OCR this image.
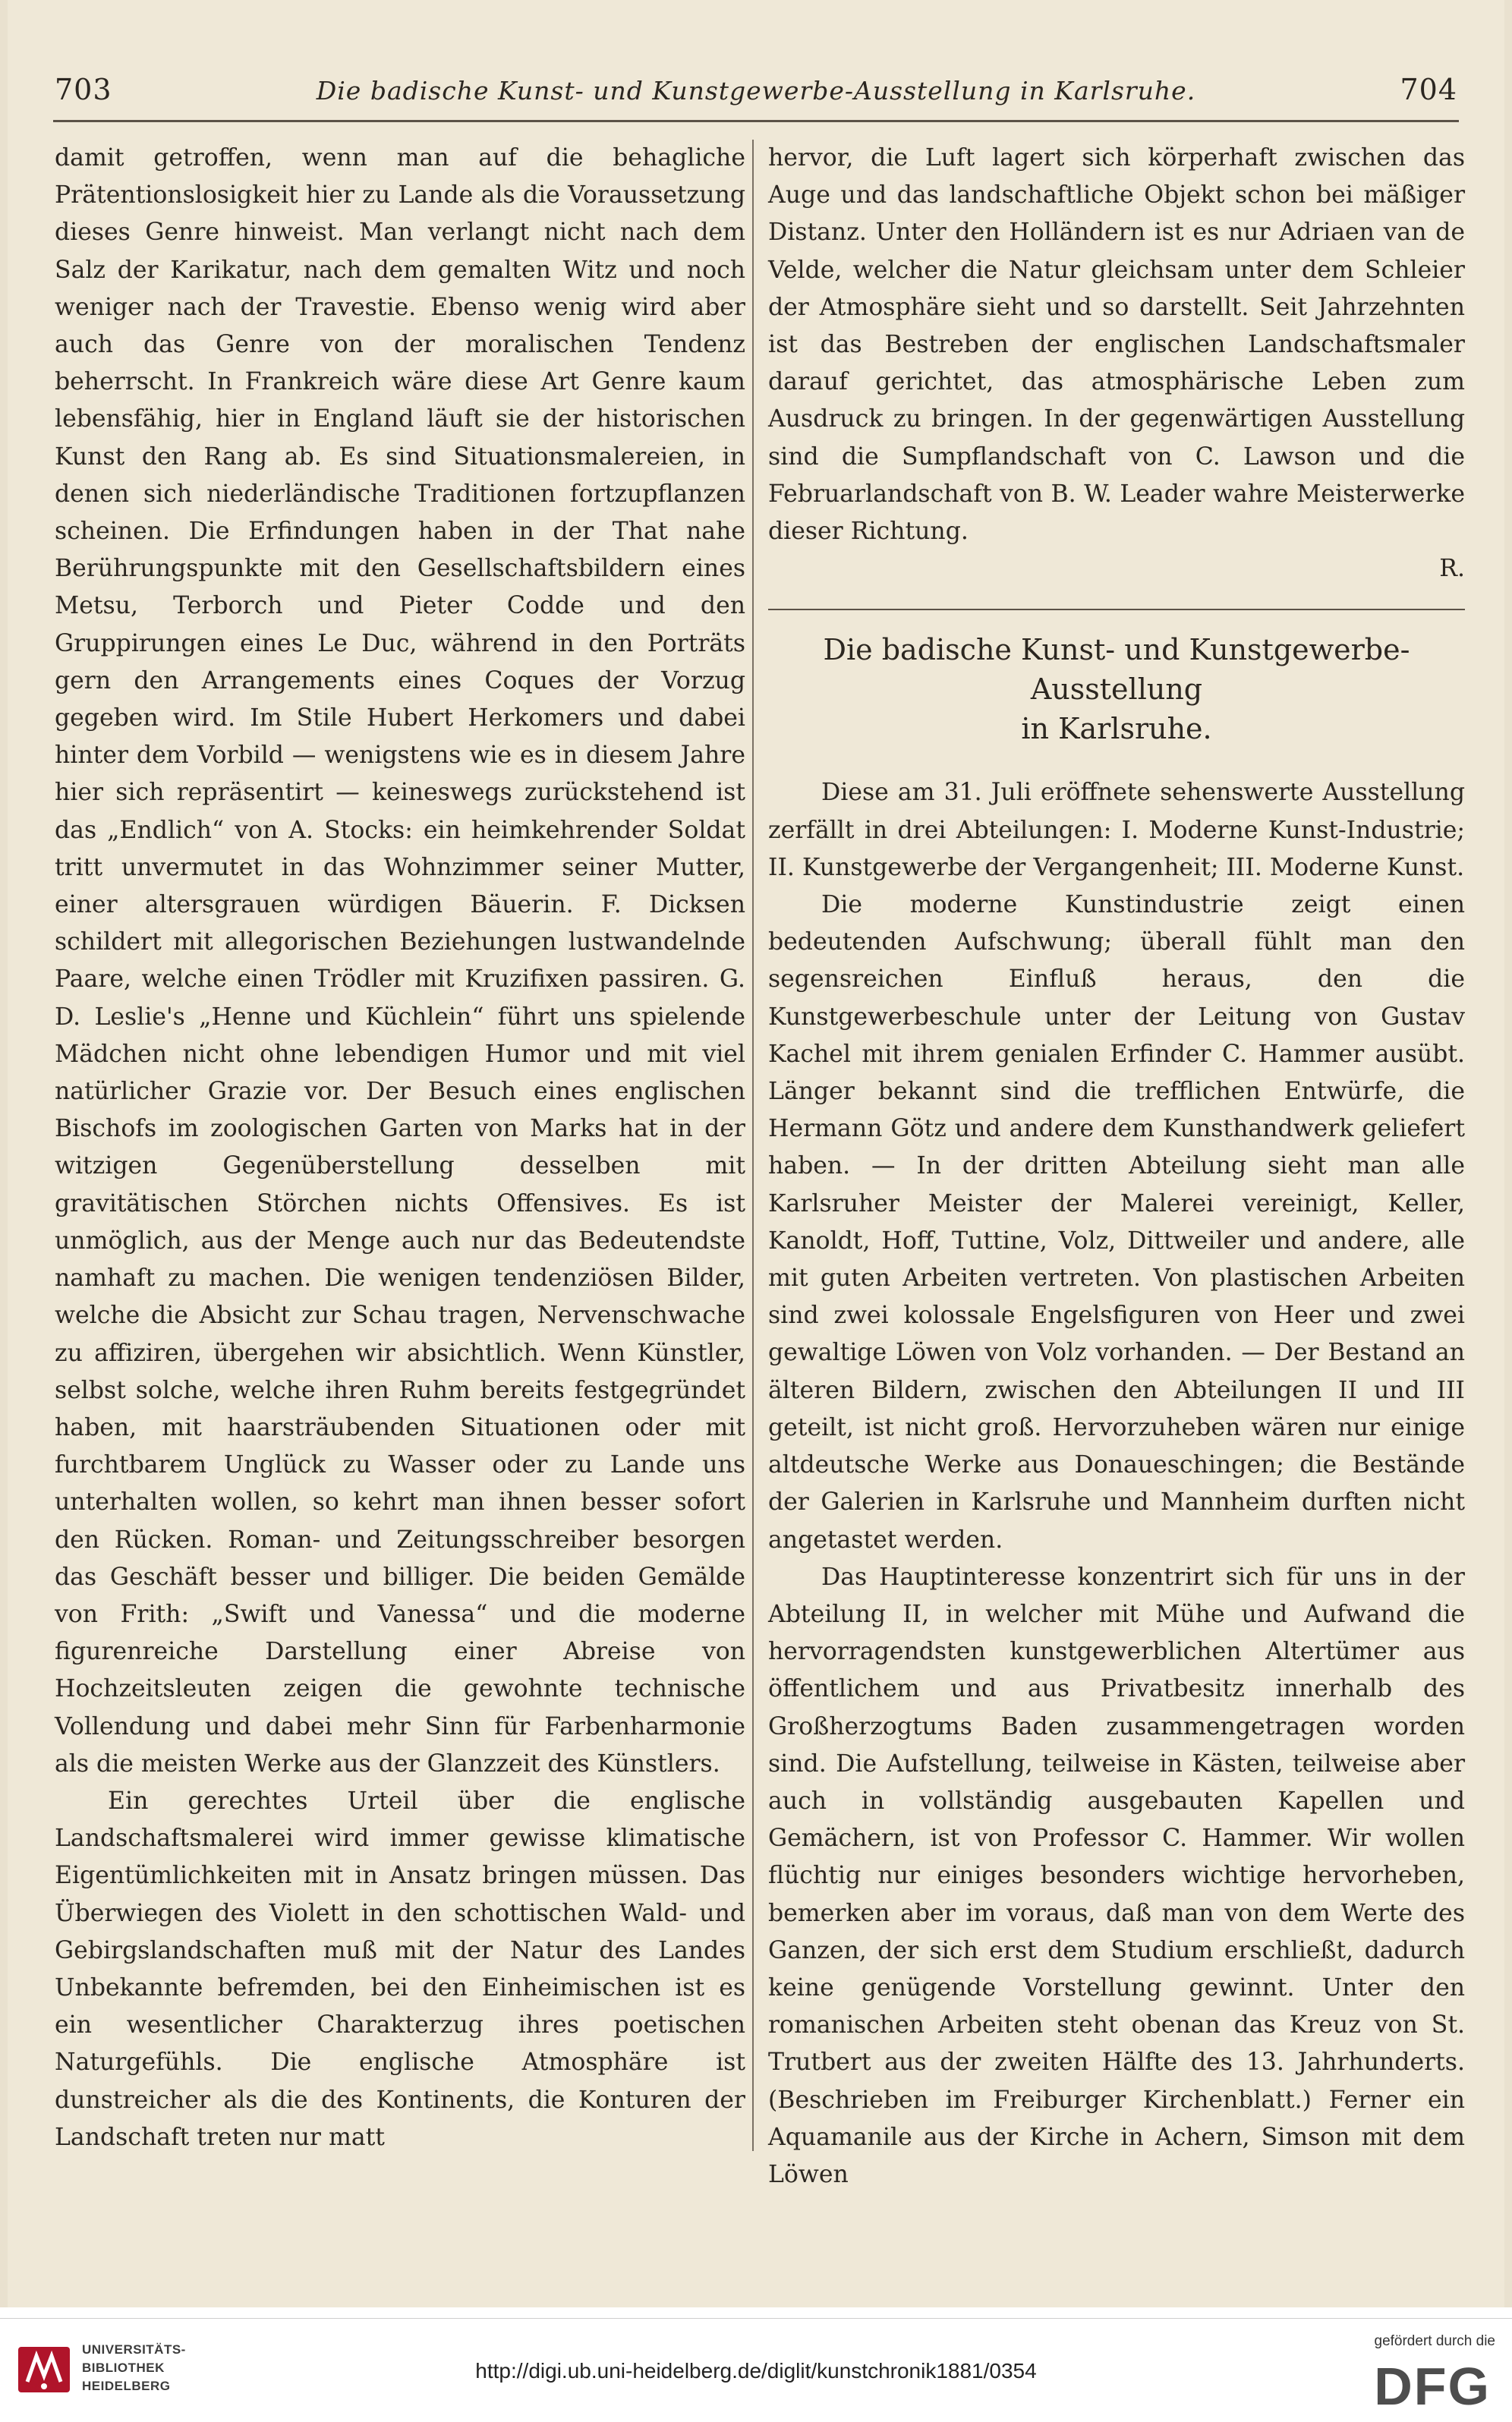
703	Die badische Kunst- und Kunstgewerbe-Ausstellung in Karlsruhe.	704

damit getroffen, wenn man auf die behagliche Prätentionslosigkeit hier zu Lande als die Voraussetzung dieses Genre hinweist. Man verlangt nicht nach dem Salz der Karikatur, nach dem gemalten Witz und noch weniger nach der Travestie. Ebenso wenig wird aber auch das Genre von der moralischen Tendenz beherrscht. In Frankreich wäre diese Art Genre kaum lebensfähig, hier in England läuft sie der historischen Kunst den Rang ab. Es sind Situationsmalereien, in denen sich niederländische Traditionen fortzupflanzen scheinen. Die Erfindungen haben in der That nahe Berührungspunkte mit den Gesellschaftsbildern eines Metsu, Terborch und Pieter Codde und den Gruppirungen eines Le Duc, während in den Porträts gern den Arrangements eines Coques der Vorzug gegeben wird. Im Stile Hubert Herkomers und dabei hinter dem Vorbild — wenigstens wie es in diesem Jahre hier sich repräsentirt — keineswegs zurückstehend ist das „Endlich“ von A. Stocks: ein heimkehrender Soldat tritt unvermutet in das Wohnzimmer seiner Mutter, einer altersgrauen würdigen Bäuerin. F. Dicksen schildert mit allegorischen Beziehungen lustwandelnde Paare, welche einen Trödler mit Kruzifixen passiren. G. D. Leslie's „Henne und Küchlein“ führt uns spielende Mädchen nicht ohne lebendigen Humor und mit viel natürlicher Grazie vor. Der Besuch eines englischen Bischofs im zoologischen Garten von Marks hat in der witzigen Gegenüberstellung desselben mit gravitätischen Störchen nichts Offensives. Es ist unmöglich, aus der Menge auch nur das Bedeutendste namhaft zu machen. Die wenigen tendenziösen Bilder, welche die Absicht zur Schau tragen, Nervenschwache zu affiziren, übergehen wir absichtlich. Wenn Künstler, selbst solche, welche ihren Ruhm bereits festgegründet haben, mit haarsträubenden Situationen oder mit furchtbarem Unglück zu Wasser oder zu Lande uns unterhalten wollen, so kehrt man ihnen besser sofort den Rücken. Roman- und Zeitungsschreiber besorgen das Geschäft besser und billiger. Die beiden Gemälde von Frith: „Swift und Vanessa“ und die moderne figurenreiche Darstellung einer Abreise von Hochzeitsleuten zeigen die gewohnte technische Vollendung und dabei mehr Sinn für Farbenharmonie als die meisten Werke aus der Glanzzeit des Künstlers.

Ein gerechtes Urteil über die englische Landschaftsmalerei wird immer gewisse klimatische Eigentümlichkeiten mit in Ansatz bringen müssen. Das Überwiegen des Violett in den schottischen Wald- und Gebirgslandschaften muß mit der Natur des Landes Unbekannte befremden, bei den Einheimischen ist es ein wesentlicher Charakterzug ihres poetischen Naturgefühls. Die englische Atmosphäre ist dunstreicher als die des Kontinents, die Konturen der Landschaft treten nur matt

hervor, die Luft lagert sich körperhaft zwischen das Auge und das landschaftliche Objekt schon bei mäßiger Distanz. Unter den Holländern ist es nur Adriaen van de Velde, welcher die Natur gleichsam unter dem Schleier der Atmosphäre sieht und so darstellt. Seit Jahrzehnten ist das Bestreben der englischen Landschaftsmaler darauf gerichtet, das atmosphärische Leben zum Ausdruck zu bringen. In der gegenwärtigen Ausstellung sind die Sumpflandschaft von C. Lawson und die Februarlandschaft von B. W. Leader wahre Meisterwerke dieser Richtung.

R.

Die badische Kunst- und Kunstgewerbe-Ausstellung
in Karlsruhe.

Diese am 31. Juli eröffnete sehenswerte Ausstellung zerfällt in drei Abteilungen: I. Moderne Kunst-Industrie; II. Kunstgewerbe der Vergangenheit; III. Moderne Kunst.

Die moderne Kunstindustrie zeigt einen bedeutenden Aufschwung; überall fühlt man den segensreichen Einfluß heraus, den die Kunstgewerbeschule unter der Leitung von Gustav Kachel mit ihrem genialen Erfinder C. Hammer ausübt. Länger bekannt sind die trefflichen Entwürfe, die Hermann Götz und andere dem Kunsthandwerk geliefert haben. — In der dritten Abteilung sieht man alle Karlsruher Meister der Malerei vereinigt, Keller, Kanoldt, Hoff, Tuttine, Volz, Dittweiler und andere, alle mit guten Arbeiten vertreten. Von plastischen Arbeiten sind zwei kolossale Engelsfiguren von Heer und zwei gewaltige Löwen von Volz vorhanden. — Der Bestand an älteren Bildern, zwischen den Abteilungen II und III geteilt, ist nicht groß. Hervorzuheben wären nur einige altdeutsche Werke aus Donaueschingen; die Bestände der Galerien in Karlsruhe und Mannheim durften nicht angetastet werden.

Das Hauptinteresse konzentrirt sich für uns in der Abteilung II, in welcher mit Mühe und Aufwand die hervorragendsten kunstgewerblichen Altertümer aus öffentlichem und aus Privatbesitz innerhalb des Großherzogtums Baden zusammengetragen worden sind. Die Aufstellung, teilweise in Kästen, teilweise aber auch in vollständig ausgebauten Kapellen und Gemächern, ist von Professor C. Hammer. Wir wollen flüchtig nur einiges besonders wichtige hervorheben, bemerken aber im voraus, daß man von dem Werte des Ganzen, der sich erst dem Studium erschließt, dadurch keine genügende Vorstellung gewinnt. Unter den romanischen Arbeiten steht obenan das Kreuz von St. Trutbert aus der zweiten Hälfte des 13. Jahrhunderts. (Beschrieben im Freiburger Kirchenblatt.) Ferner ein Aquamanile aus der Kirche in Achern, Simson mit dem Löwen

UNIVERSITÄTS-
BIBLIOTHEK
HEIDELBERG
http://digi.ub.uni-heidelberg.de/diglit/kunstchronik1881/0354
gefördert durch die
DFG
